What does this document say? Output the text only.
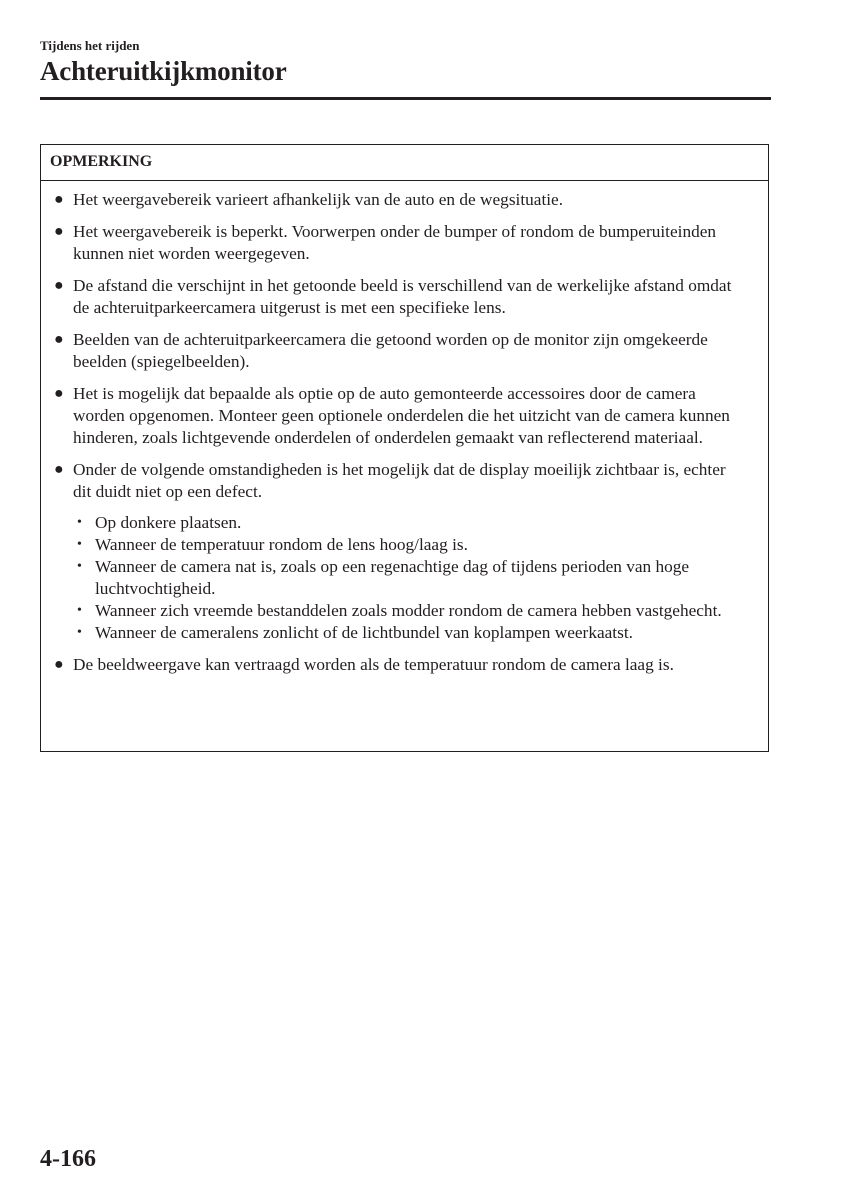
Tijdens het rijden
Achteruitkijkmonitor
OPMERKING
● Het weergavebereik varieert afhankelijk van de auto en de wegsituatie.
● Het weergavebereik is beperkt. Voorwerpen onder de bumper of rondom de bumperuiteinden kunnen niet worden weergegeven.
● De afstand die verschijnt in het getoonde beeld is verschillend van de werkelijke afstand omdat de achteruitparkeercamera uitgerust is met een specifieke lens.
● Beelden van de achteruitparkeercamera die getoond worden op de monitor zijn omgekeerde beelden (spiegelbeelden).
● Het is mogelijk dat bepaalde als optie op de auto gemonteerde accessoires door de camera worden opgenomen. Monteer geen optionele onderdelen die het uitzicht van de camera kunnen hinderen, zoals lichtgevende onderdelen of onderdelen gemaakt van reflecterend materiaal.
● Onder de volgende omstandigheden is het mogelijk dat de display moeilijk zichtbaar is, echter dit duidt niet op een defect.
• Op donkere plaatsen.
• Wanneer de temperatuur rondom de lens hoog/laag is.
• Wanneer de camera nat is, zoals op een regenachtige dag of tijdens perioden van hoge luchtvochtigheid.
• Wanneer zich vreemde bestanddelen zoals modder rondom de camera hebben vastgehecht.
• Wanneer de cameralens zonlicht of de lichtbundel van koplampen weerkaatst.
● De beeldweergave kan vertraagd worden als de temperatuur rondom de camera laag is.
4-166
